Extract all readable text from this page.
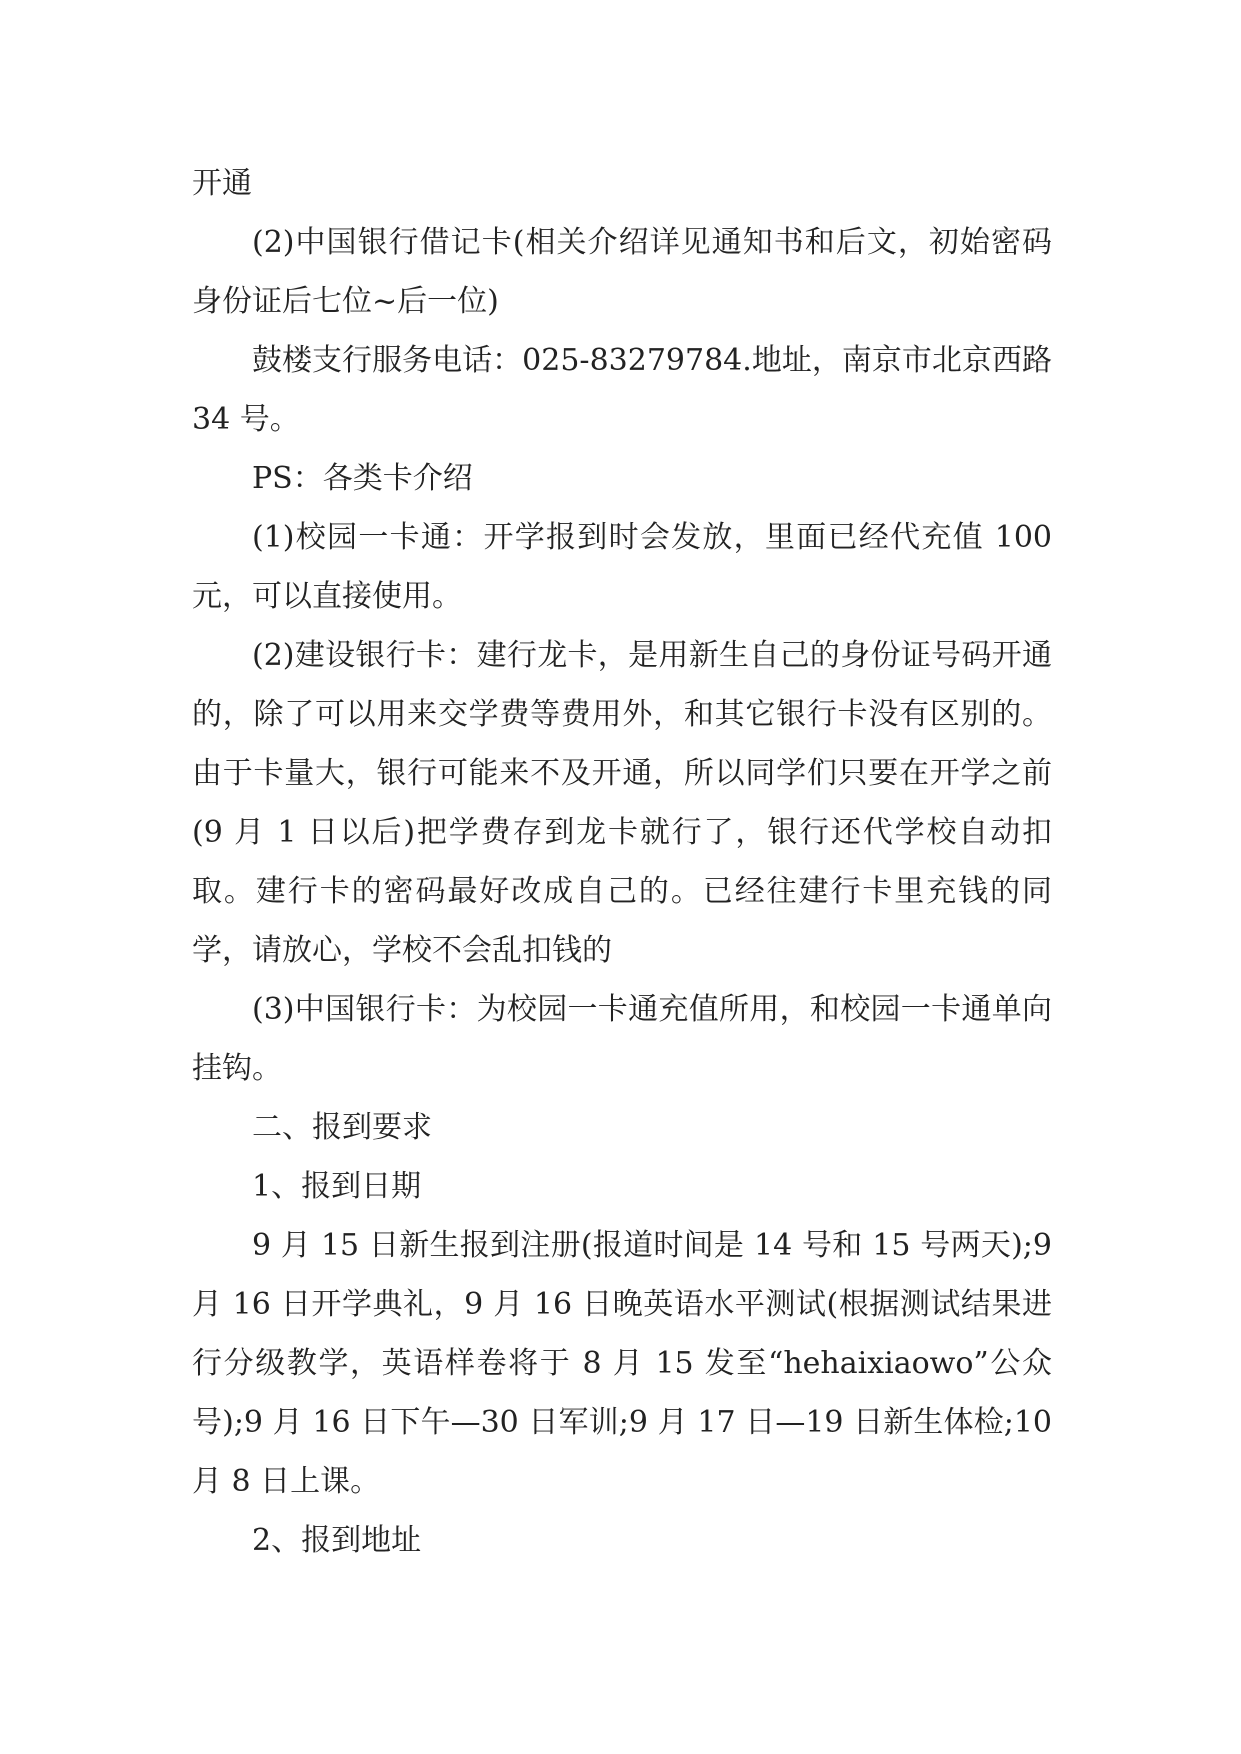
开通

(2)中国银行借记卡(相关介绍详见通知书和后文，初始密码身份证后七位~后一位)

鼓楼支行服务电话：025-83279784.地址，南京市北京西路 34 号。

PS：各类卡介绍

(1)校园一卡通：开学报到时会发放，里面已经代充值 100 元，可以直接使用。

(2)建设银行卡：建行龙卡，是用新生自己的身份证号码开通的，除了可以用来交学费等费用外，和其它银行卡没有区别的。由于卡量大，银行可能来不及开通，所以同学们只要在开学之前(9 月 1 日以后)把学费存到龙卡就行了，银行还代学校自动扣取。建行卡的密码最好改成自己的。已经往建行卡里充钱的同学，请放心，学校不会乱扣钱的

(3)中国银行卡：为校园一卡通充值所用，和校园一卡通单向挂钩。

二、报到要求

1、报到日期

9 月 15 日新生报到注册(报道时间是 14 号和 15 号两天);9 月 16 日开学典礼，9 月 16 日晚英语水平测试(根据测试结果进行分级教学，英语样卷将于 8 月 15 发至“hehaixiaowo”公众号);9 月 16 日下午—30 日军训;9 月 17 日—19 日新生体检;10 月 8 日上课。

2、报到地址
